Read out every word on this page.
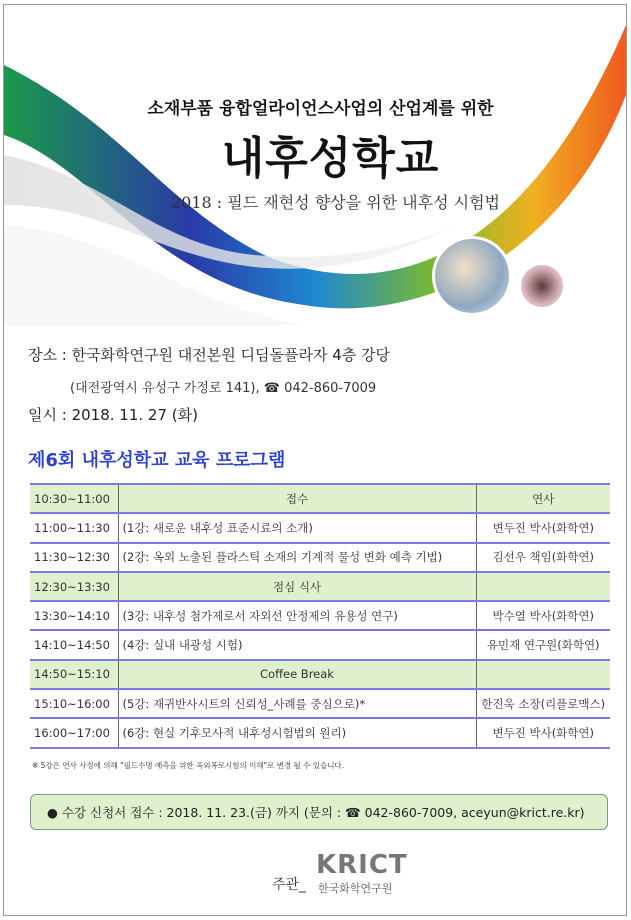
소재부품 융합얼라이언스사업의 산업계를 위한
내후성학교
2018 : 필드 재현성 향상을 위한 내후성 시험법
장소 : 한국화학연구원 대전본원 디딤돌플라자 4층 강당
(대전광역시 유성구 가정로 141), ☎ 042-860-7009
일시 : 2018. 11. 27 (화)
제6회 내후성학교 교육 프로그램
10:30~11:00	접수	연사
11:00~11:30	(1강: 새로운 내후성 표준시료의 소개)	변두진 박사(화학연)
11:30~12:30	(2강: 옥외 노출된 플라스틱 소재의 기계적 물성 변화 예측 기법)	김선우 책임(화학연)
12:30~13:30	점심 식사	
13:30~14:10	(3강: 내후성 첨가제로서 자외선 안정제의 유용성 연구)	박수열 박사(화학연)
14:10~14:50	(4강: 실내 내광성 시험)	유민재 연구원(화학연)
14:50~15:10	Coffee Break	
15:10~16:00	(5강: 재귀반사시트의 신뢰성_사례를 중심으로)*	한진욱 소장(리플로맥스)
16:00~17:00	(6강: 현실 기후모사적 내후성시험법의 원리)	변두진 박사(화학연)
※ 5강은 연사 사정에 의해 "필드수명 예측을 위한 옥외폭로시험의 이해"로 변경 될 수 있습니다.
● 수강 신청서 접수 : 2018. 11. 23.(금) 까지 (문의 : ☎ 042-860-7009, aceyun@krict.re.kr)
주관_
KRICT
한국화학연구원
